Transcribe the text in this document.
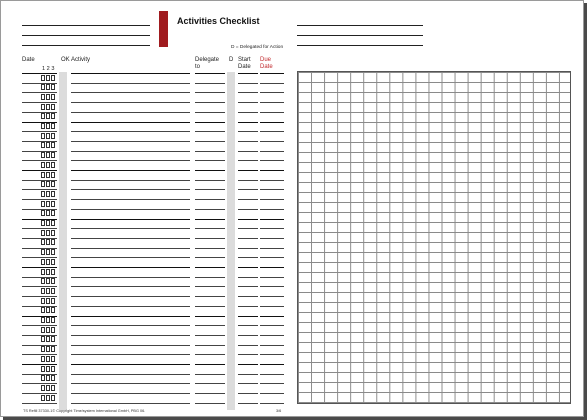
Activities Checklist
D = Delegated for Action
Date	OK Activity
1 2 3
Delegate to
D Start Date
Due Date
TS Refill 37330-1© Copyright Time/system International GmbH, PBG 06.	3/6
